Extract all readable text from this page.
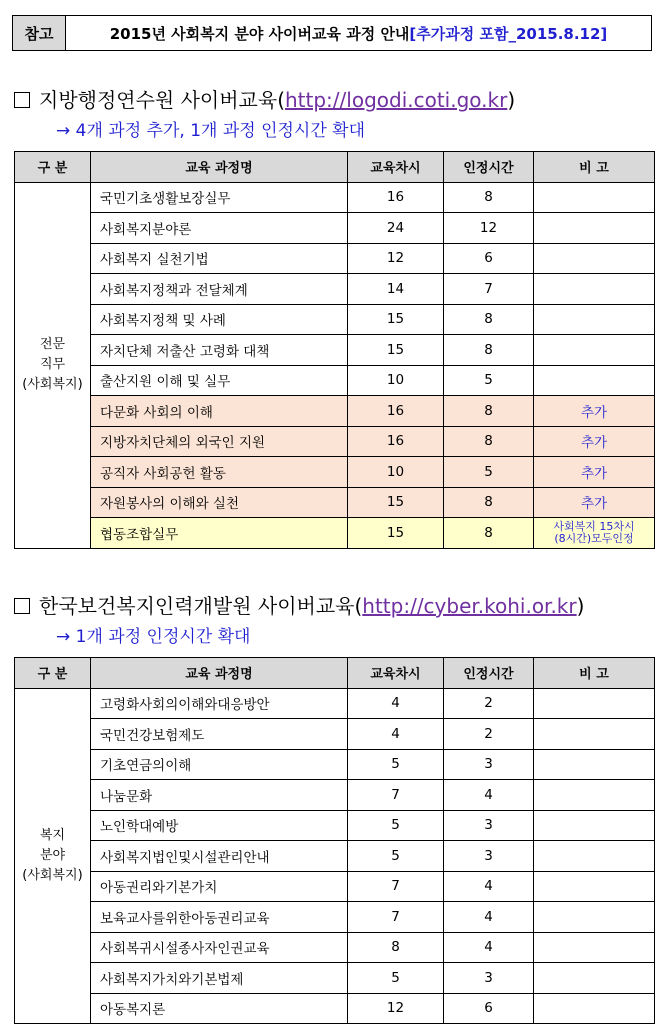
참고	2015년 사회복지 분야 사이버교육 과정 안내 [추가과정 포함_2015.8.12]
지방행정연수원 사이버교육(http://logodi.coti.go.kr)
→ 4개 과정 추가, 1개 과정 인정시간 확대
구 분	교육 과정명	교육차시	인정시간	비 고

전문
직무
(사회복지)	국민기초생활보장실무	16	8	
	사회복지분야론	24	12	
	사회복지 실천기법	12	6	
	사회복지정책과 전달체계	14	7	
	사회복지정책 및 사례	15	8	
	자치단체 저출산 고령화 대책	15	8	
	출산지원 이해 및 실무	10	5	
	다문화 사회의 이해	16	8	추가
	지방자치단체의 외국인 지원	16	8	추가
	공직자 사회공헌 활동	10	5	추가
	자원봉사의 이해와 실천	15	8	추가
	협동조합실무	15	8	사회복지 15차시
(8시간)모두인정
한국보건복지인력개발원 사이버교육(http://cyber.kohi.or.kr)
→ 1개 과정 인정시간 확대
구 분	교육 과정명	교육차시	인정시간	비 고

복지
분야
(사회복지)	고령화사회의이해와대응방안	4	2	
	국민건강보험제도	4	2	
	기초연금의이해	5	3	
	나눔문화	7	4	
	노인학대예방	5	3	
	사회복지법인및시설관리안내	5	3	
	아동권리와기본가치	7	4	
	보육교사를위한아동권리교육	7	4	
	사회복귀시설종사자인권교육	8	4	
	사회복지가치와기본법제	5	3	
	아동복지론	12	6	
